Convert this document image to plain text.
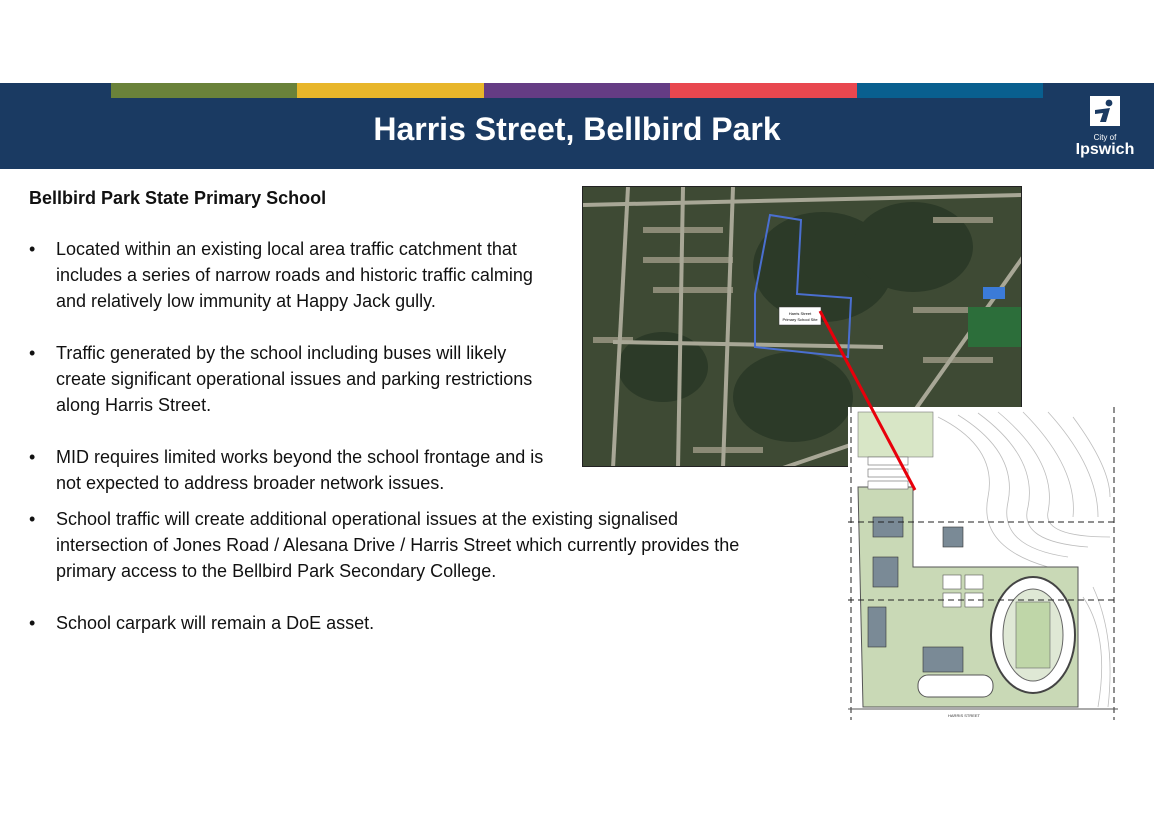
Harris Street, Bellbird Park	City of
Ipswich
Bellbird Park State Primary School
• Located within an existing local area traffic catchment that includes a series of narrow roads and historic traffic calming and relatively low immunity at Happy Jack gully.
• Traffic generated by the school including buses will likely create significant operational issues and parking restrictions along Harris Street.
• MID requires limited works beyond the school frontage and is not expected to address broader network issues.
• School traffic will create additional operational issues at the existing signalised intersection of Jones Road / Alesana Drive / Harris Street which currently provides the primary access to the Bellbird Park Secondary College.
• School carpark will remain a DoE asset.
Harris Street
Primary School Site
HARRIS STREET
